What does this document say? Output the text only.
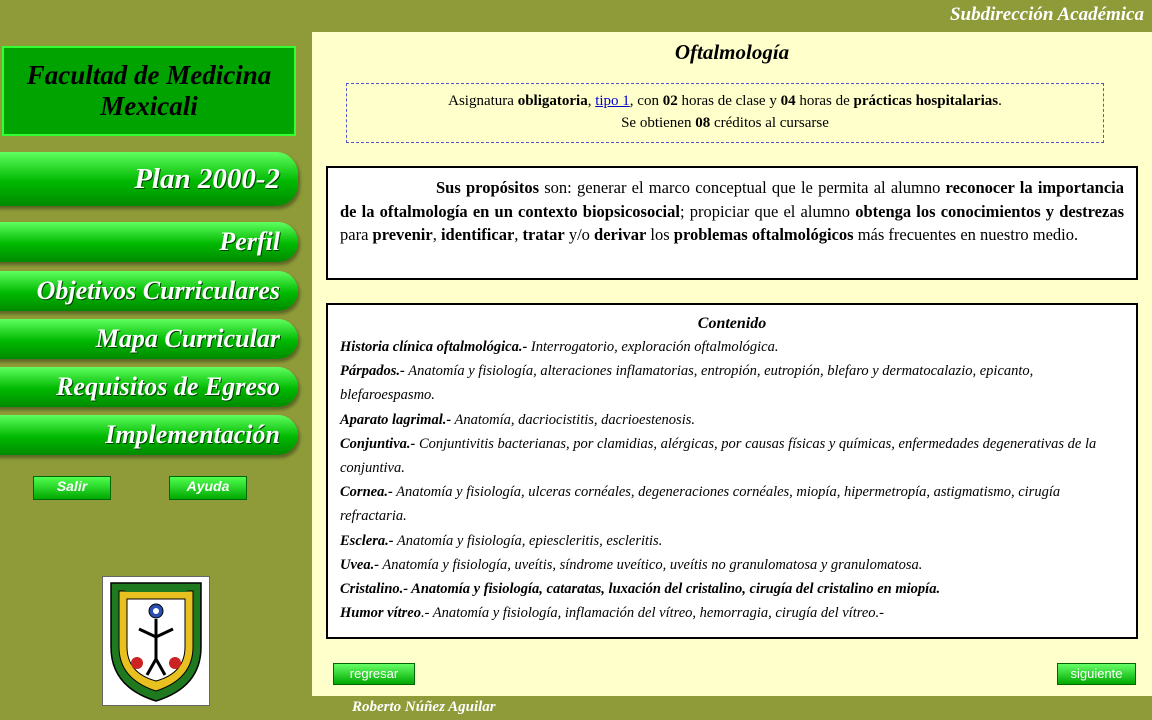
Subdirección Académica
Facultad de Medicina
Mexicali
Plan 2000-2
Perfil
Objetivos Curriculares
Mapa Curricular
Requisitos de Egreso
Implementación
Salir	Ayuda
Oftalmología
Asignatura obligatoria, tipo 1, con 02 horas de clase y 04 horas de prácticas hospitalarias.
Se obtienen 08 créditos al cursarse
Sus propósitos son: generar el marco conceptual que le permita al alumno reconocer la importancia de la oftalmología en un contexto biopsicosocial; propiciar que el alumno obtenga los conocimientos y destrezas para prevenir, identificar, tratar y/o derivar los problemas oftalmológicos más frecuentes en nuestro medio.
Contenido
Historia clínica oftalmológica.- Interrogatorio, exploración oftalmológica.
Párpados.- Anatomía y fisiología, alteraciones inflamatorias, entropión, eutropión, blefaro y dermatocalazio, epicanto, blefaroespasmo.
Aparato lagrimal.- Anatomía, dacriocistitis, dacrioestenosis.
Conjuntiva.- Conjuntivitis bacterianas, por clamidias, alérgicas, por causas físicas y químicas, enfermedades degenerativas de la conjuntiva.
Cornea.- Anatomía y fisiología, ulceras cornéales, degeneraciones cornéales, miopía, hipermetropía, astigmatismo, cirugía refractaria.
Esclera.- Anatomía y fisiología, epiescleritis, escleritis.
Uvea.- Anatomía y fisiología, uveítis, síndrome uveítico, uveítis no granulomatosa y granulomatosa.
Cristalino.- Anatomía y fisiología, cataratas, luxación del cristalino, cirugía del cristalino en miopía.
Humor vítreo.- Anatomía y fisiología, inflamación del vítreo, hemorragia, cirugía del vítreo.-
regresar	siguiente
Roberto Núñez Aguilar
